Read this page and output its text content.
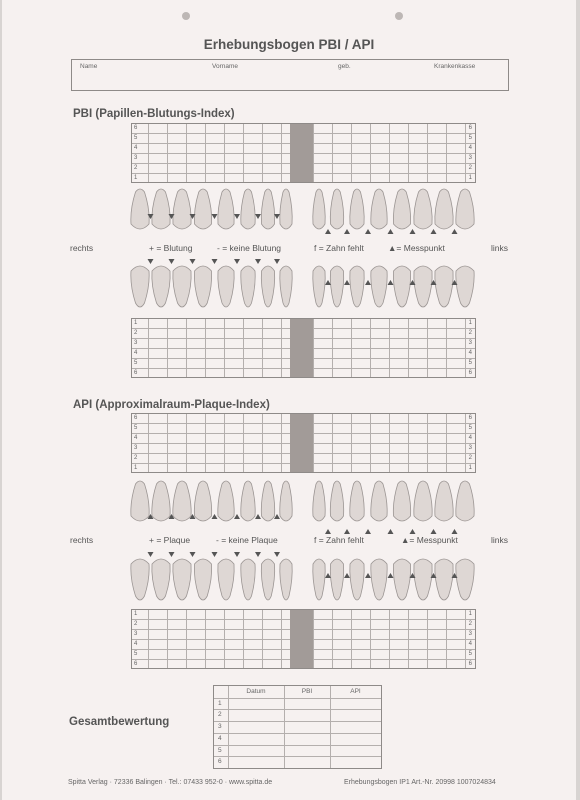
Erhebungsbogen PBI / API
Name	Vorname	geb.	Krankenkasse
PBI (Papillen-Blutungs-Index)
6	6
5	5
4	4
3	3
2	2
1	1
rechts	links
+ = Blutung	- = keine Blutung	f = Zahn fehlt	▲= Messpunkt
1	1
2	2
3	3
4	4
5	5
6	6
API (Approximalraum-Plaque-Index)
6	6
5	5
4	4
3	3
2	2
1	1
rechts	links
+ = Plaque	- = keine Plaque	f = Zahn fehlt	▲= Messpunkt
1	1
2	2
3	3
4	4
5	5
6	6
Gesamtbewertung
Datum	PBI	API
1
2
3
4
5
6
Spitta Verlag · 72336 Balingen · Tel.: 07433 952-0 · www.spitta.de	Erhebungsbogen IP1 Art.-Nr. 20998 1007024834
